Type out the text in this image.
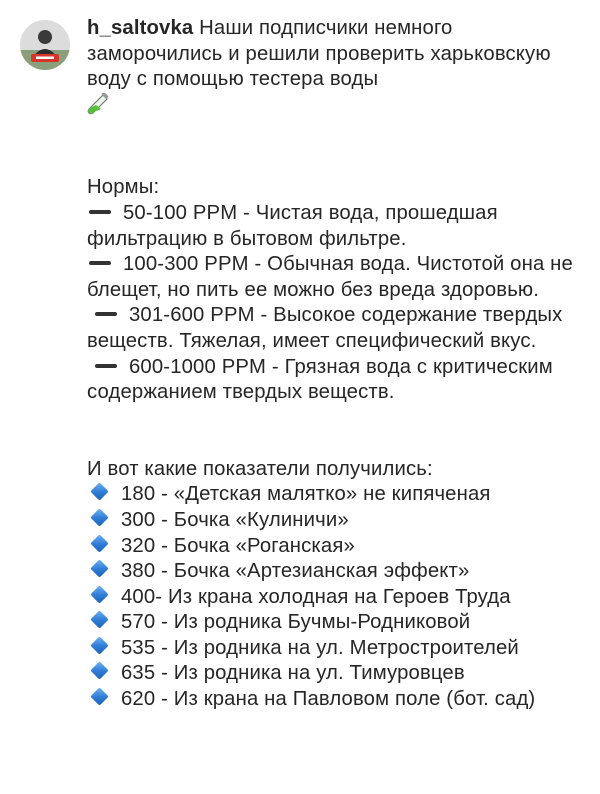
h_saltovka Наши подписчики немного заморочились и решили проверить харьковскую воду с помощью тестера воды

Нормы:

50-100 PPM - Чистая вода, прошедшая фильтрацию в бытовом фильтре.

100-300 PPM - Обычная вода. Чистотой она не блещет, но пить ее можно без вреда здоровью.301-600 PPM - Высокое содержание твердых веществ. Тяжелая, имеет специфический вкус.600-1000 PPM - Грязная вода с критическим содержанием твердых веществ.

И вот какие показатели получились:

180 - «Детская малятко» не кипяченая

300 - Бочка «Кулиничи»

320 - Бочка «Роганская»

380 - Бочка «Артезианская эффект»

400- Из крана холодная на Героев Труда

570 - Из родника Бучмы-Родниковой

535 - Из родника на ул. Метростроителей

635 - Из родника на ул. Тимуровцев

620 - Из крана на Павловом поле (бот. сад)
